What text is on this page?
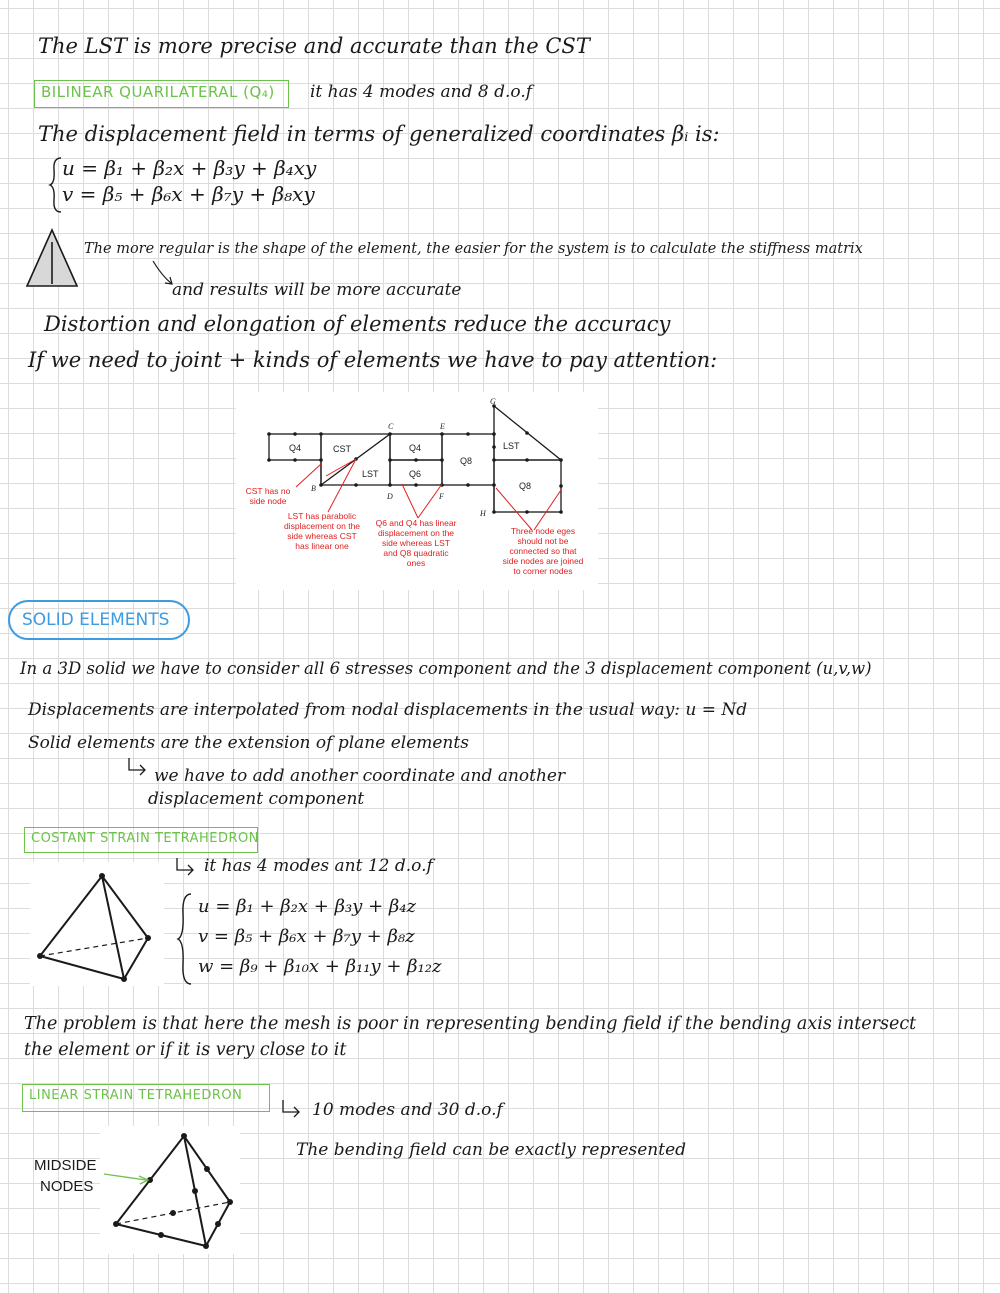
The LST is more precise and accurate than the CST
BILINEAR QUARILATERAL (Q₄)	it has 4 modes and 8 d.o.f
The displacement field in terms of generalized coordinates βᵢ is:
u = β₁ + β₂x + β₃y + β₄xy
v = β₅ + β₆x + β₇y + β₈xy
The more regular is the shape of the element, the easier for the system is to calculate the stiffness matrix
and results will be more accurate
Distortion and elongation of elements reduce the accuracy
If we need to joint + kinds of elements we have to pay attention:
Q4	CST
LST
Q4
Q6
Q8
LST
Q8
B
C
D
E
F
G
H
CST has no
side node
LST has parabolic
displacement on the
side whereas CST
has linear one
Q6 and Q4 has linear
displacement on the
side whereas LST
and Q8 quadratic
ones
Three node eges
should not be
connected so that
side nodes are joined
to corner nodes
SOLID ELEMENTS
In a 3D solid we have to consider all 6 stresses component and the 3 displacement component (u,v,w)
Displacements are interpolated from nodal displacements in the usual way: u = Nd
Solid elements are the extension of plane elements
we have to add another coordinate and another
displacement component
COSTANT STRAIN TETRAHEDRON
it has 4 modes ant 12 d.o.f
u = β₁ + β₂x + β₃y + β₄z
v = β₅ + β₆x + β₇y + β₈z
w = β₉ + β₁₀x + β₁₁y + β₁₂z
The problem is that here the mesh is poor in representing bending field if the bending axis intersect
the element or if it is very close to it
LINEAR STRAIN TETRAHEDRON
10 modes and 30 d.o.f
The bending field can be exactly represented
MIDSIDE
NODES
